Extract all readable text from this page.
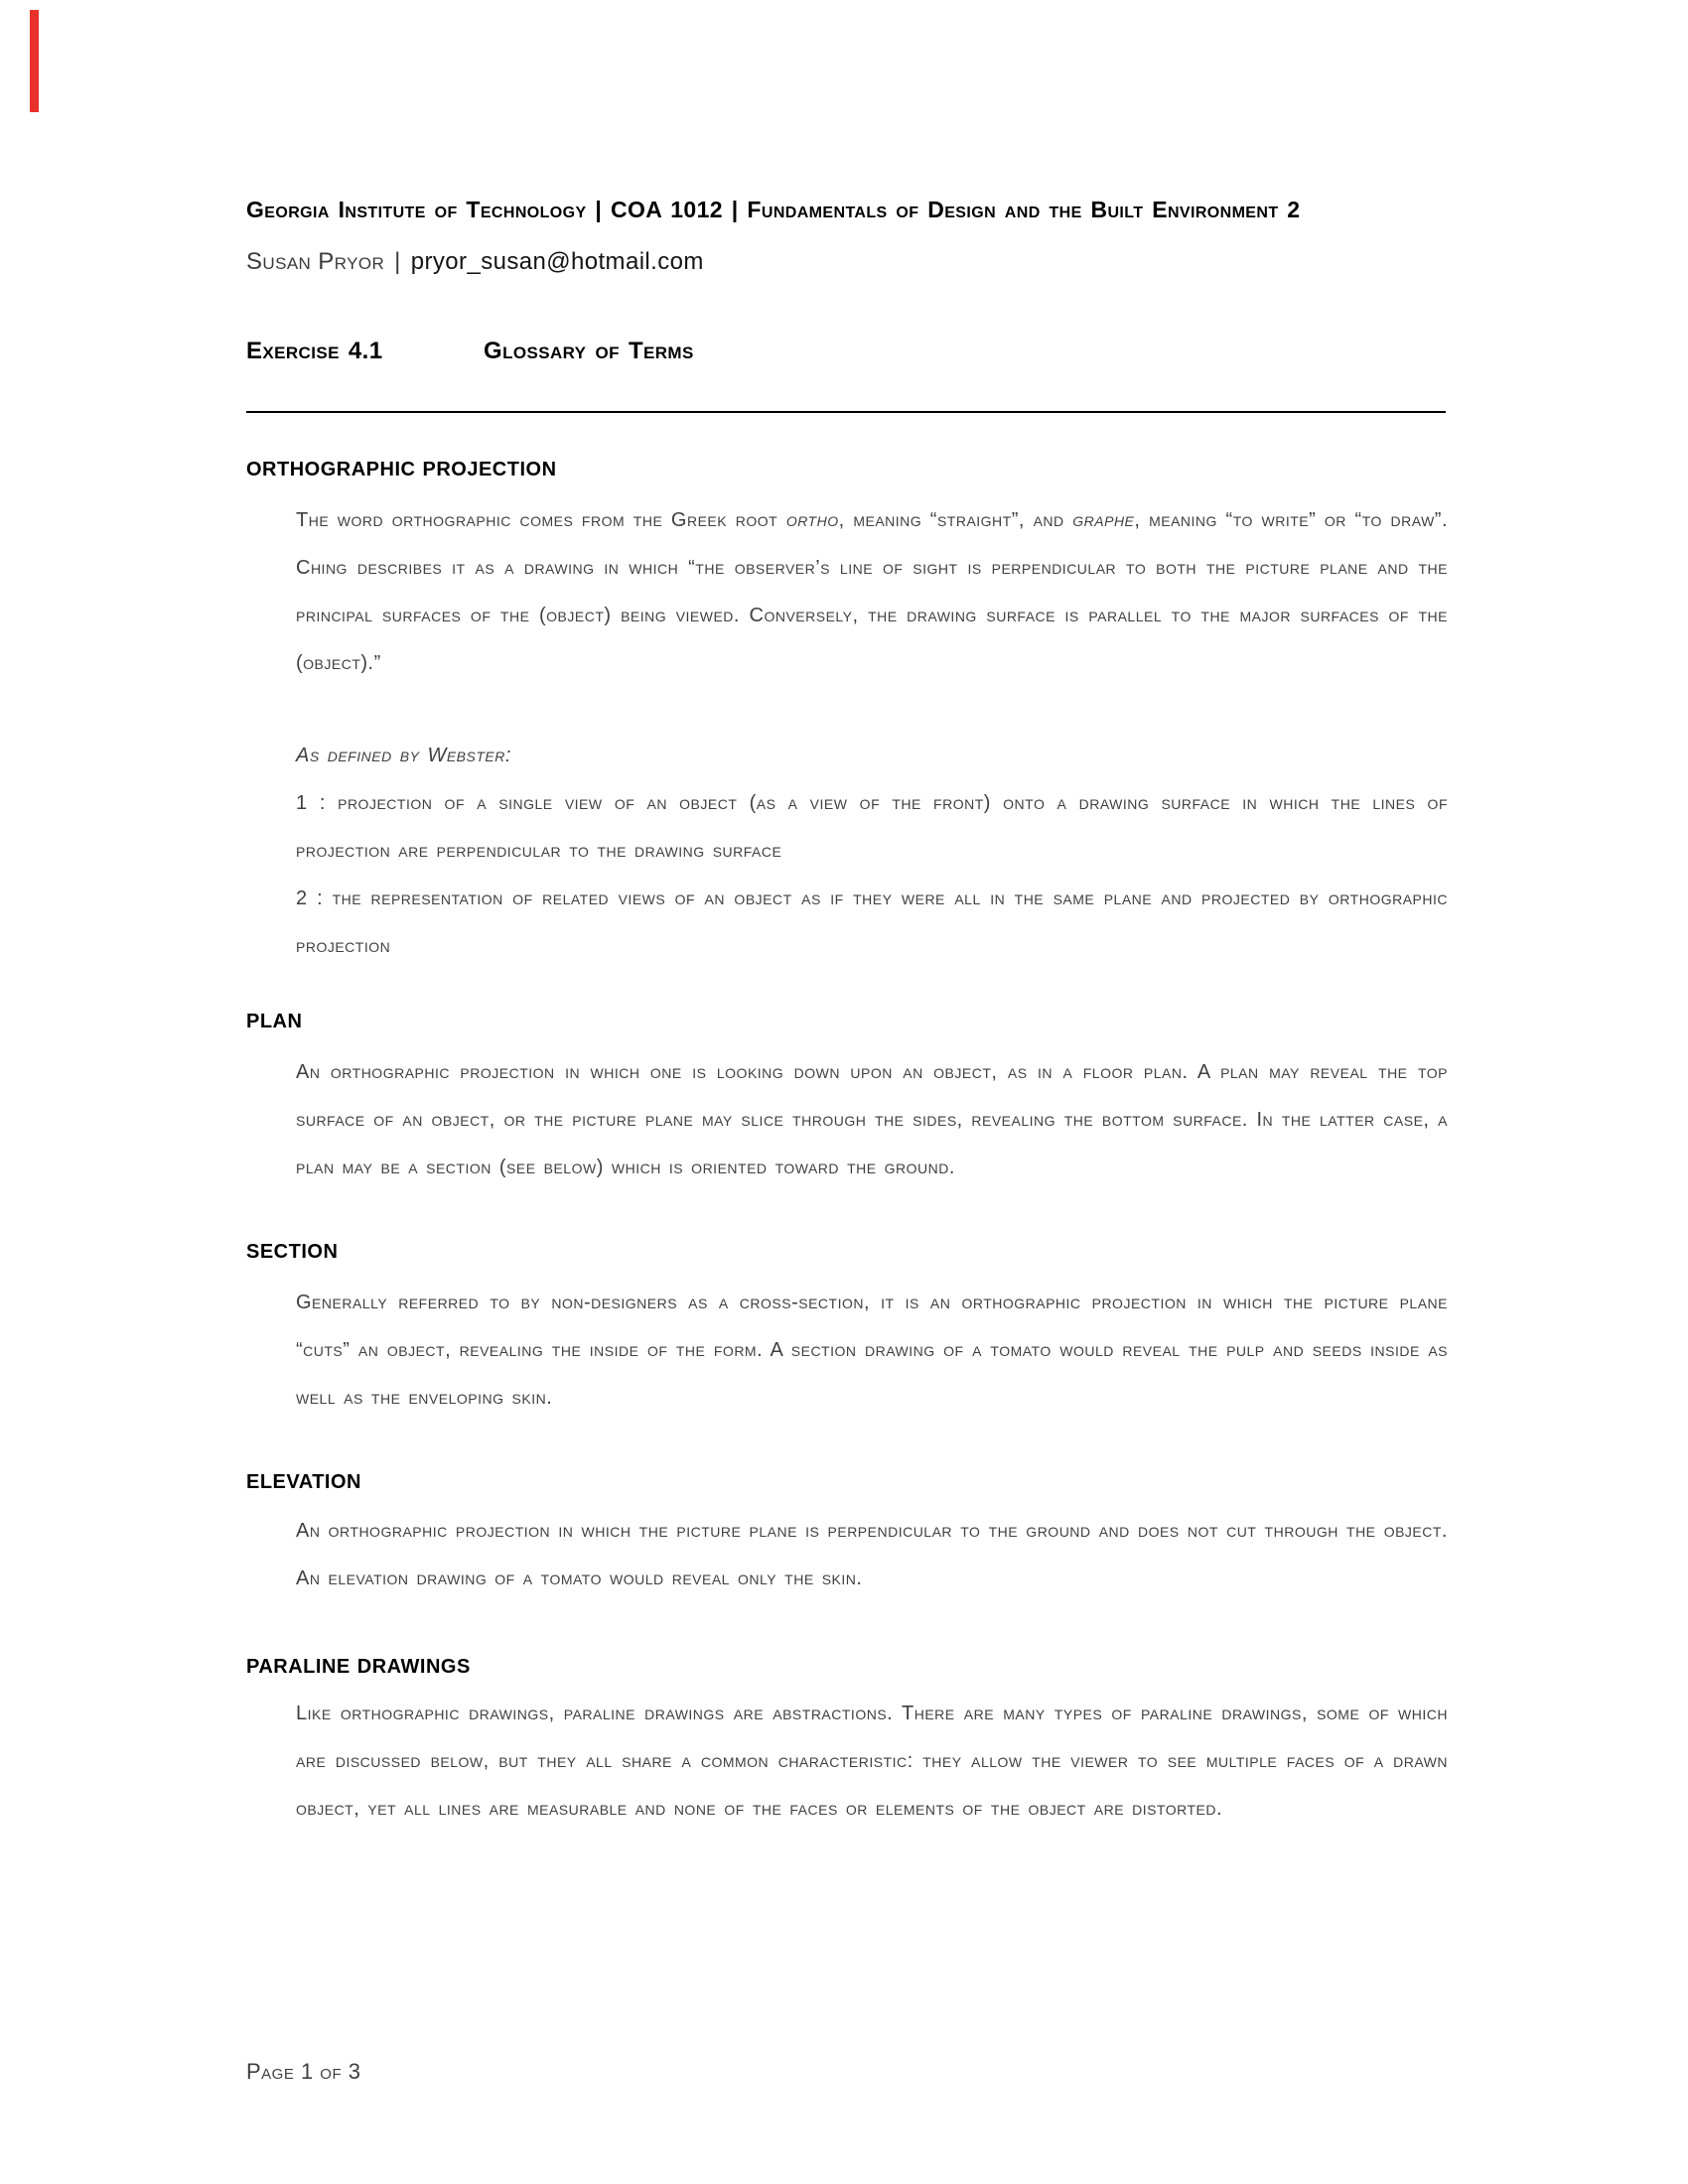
Georgia Institute of Technology | COA 1012 | Fundamentals of Design and the Built Environment 2
Susan Pryor | pryor_susan@hotmail.com
Exercise 4.1	Glossary of Terms
ORTHOGRAPHIC PROJECTION
The word orthographic comes from the Greek root ortho, meaning “straight”, and graphe, meaning “to write” or “to draw”. Ching describes it as a drawing in which “the observer’s line of sight is perpendicular to both the picture plane and the principal surfaces of the (object) being viewed. Conversely, the drawing surface is parallel to the major surfaces of the (object).”
As defined by Webster:
1 : projection of a single view of an object (as a view of the front) onto a drawing surface in which the lines of projection are perpendicular to the drawing surface
2 : the representation of related views of an object as if they were all in the same plane and projected by orthographic projection
PLAN
An orthographic projection in which one is looking down upon an object, as in a floor plan. A plan may reveal the top surface of an object, or the picture plane may slice through the sides, revealing the bottom surface. In the latter case, a plan may be a section (see below) which is oriented toward the ground.
SECTION
Generally referred to by non-designers as a cross-section, it is an orthographic projection in which the picture plane “cuts” an object, revealing the inside of the form. A section drawing of a tomato would reveal the pulp and seeds inside as well as the enveloping skin.
ELEVATION
An orthographic projection in which the picture plane is perpendicular to the ground and does not cut through the object. An elevation drawing of a tomato would reveal only the skin.
PARALINE DRAWINGS
Like orthographic drawings, paraline drawings are abstractions. There are many types of paraline drawings, some of which are discussed below, but they all share a common characteristic: they allow the viewer to see multiple faces of a drawn object, yet all lines are measurable and none of the faces or elements of the object are distorted.
Page 1 of 3
